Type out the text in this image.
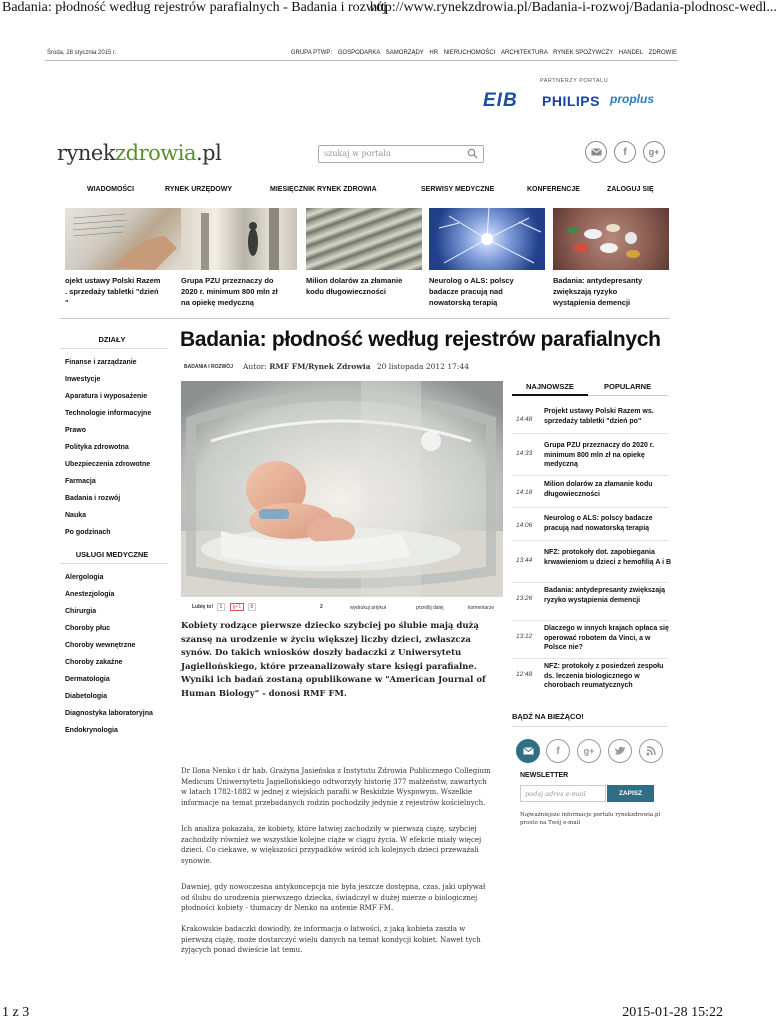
Badania: płodność według rejestrów parafialnych - Badania i rozwój
http://www.rynekzdrowia.pl/Badania-i-rozwoj/Badania-plodnosc-wedl...
Środa, 28 stycznia 2015 r.	GRUPA PTWP: GOSPODARKA SAMORZĄDY HR NIERUCHOMOŚCI ARCHITEKTURA RYNEK SPOŻYWCZY HANDEL ZDROWIE
PARTNERZY PORTALU
EIB PHILIPS proplus
rynekzdrowia.pl	szukaj w portalu	f	g+
WIADOMOŚCI	RYNEK URZĘDOWY	MIESIĘCZNIK RYNEK ZDROWIA	SERWISY MEDYCZNE	KONFERENCJE	ZALOGUJ SIĘ
ojekt ustawy Polski Razem
. sprzedaży tabletki "dzień
"
Grupa PZU przeznaczy do
2020 r. minimum 800 mln zł
na opiekę medyczną
Milion dolarów za złamanie
kodu długowieczności
Neurolog o ALS: polscy
badacze pracują nad
nowatorską terapią
Badania: antydepresanty
zwiększają ryzyko
wystąpienia demencji
DZIAŁY
Finanse i zarządzanie
Inwestycje
Aparatura i wyposażenie
Technologie informacyjne
Prawo
Polityka zdrowotna
Ubezpieczenia zdrowotne
Farmacja
Badania i rozwój
Nauka
Po godzinach
USŁUGI MEDYCZNE
Alergologia
Anestezjologia
Chirurgia
Choroby płuc
Choroby wewnętrzne
Choroby zakaźne
Dermatologia
Diabetologia
Diagnostyka laboratoryjna
Endokrynologia
Badania: płodność według rejestrów parafialnych
BADANIA I ROZWÓJ Autor: RMF FM/Rynek Zdrowia 20 listopada 2012 17:44
Lubię to! 1 g+1 0	2	wydrukuj artykuł	prześlij dalej	komentarze
Kobiety rodzące pierwsze dziecko szybciej po ślubie mają dużą szansę na urodzenie w życiu większej liczby dzieci, zwłaszcza synów. Do takich wniosków doszły badaczki z Uniwersytetu Jagiellońskiego, które przeanalizowały stare księgi parafialne. Wyniki ich badań zostaną opublikowane w "American Journal of Human Biology" - donosi RMF FM.
Dr Ilona Nenko i dr hab. Grażyna Jasieńska z Instytutu Zdrowia Publicznego Collegium Medicum Uniwersytetu Jagiellońskiego odtworzyły historię 377 małżeństw, zawartych w latach 1782-1882 w jednej z wiejskich parafii w Beskidzie Wyspowym. Wszelkie informacje na temat przebadanych rodzin pochodziły jedynie z rejestrów kościelnych.
Ich analiza pokazała, że kobiety, które łatwiej zachodziły w pierwszą ciążę, szybciej zachodziły również we wszystkie kolejne ciąże w ciągu życia. W efekcie miały więcej dzieci. Co ciekawe, w większości przypadków wśród ich kolejnych dzieci przeważali synowie.
Dawniej, gdy nowoczesna antykoncepcja nie była jeszcze dostępna, czas, jaki upływał od ślubu do urodzenia pierwszego dziecka, świadczył w dużej mierze o biologicznej płodności kobiety - tłumaczy dr Nenko na antenie RMF FM.
Krakowskie badaczki dowiodły, że informacja o łatwości, z jaką kobieta zaszła w pierwszą ciążę, może dostarczyć wielu danych na temat kondycji kobiet. Nawet tych żyjących ponad dwieście lat temu.
NAJNOWSZE	POPULARNE
14:48
Projekt ustawy Polski Razem ws. sprzedaży tabletki "dzień po"
14:33
Grupa PZU przeznaczy do 2020 r. minimum 800 mln zł na opiekę medyczną
14:18
Milion dolarów za złamanie kodu długowieczności
14:06
Neurolog o ALS: polscy badacze pracują nad nowatorską terapią
13:44
NFZ: protokoły dot. zapobiegania krwawieniom u dzieci z hemofilią A i B
13:26
Badania: antydepresanty zwiększają ryzyko wystąpienia demencji
13:12
Dlaczego w innych krajach opłaca się operować robotem da Vinci, a w Polsce nie?
12:48
NFZ: protokoły z posiedzeń zespołu ds. leczenia biologicznego w chorobach reumatycznych
BĄDŹ NA BIEŻĄCO!
f	g+
NEWSLETTER
podaj adres e-mail	ZAPISZ
Najważniejsze informacje portalu rynekzdrowia.pl prosto na Twój e-mail
1 z 3	2015-01-28 15:22
